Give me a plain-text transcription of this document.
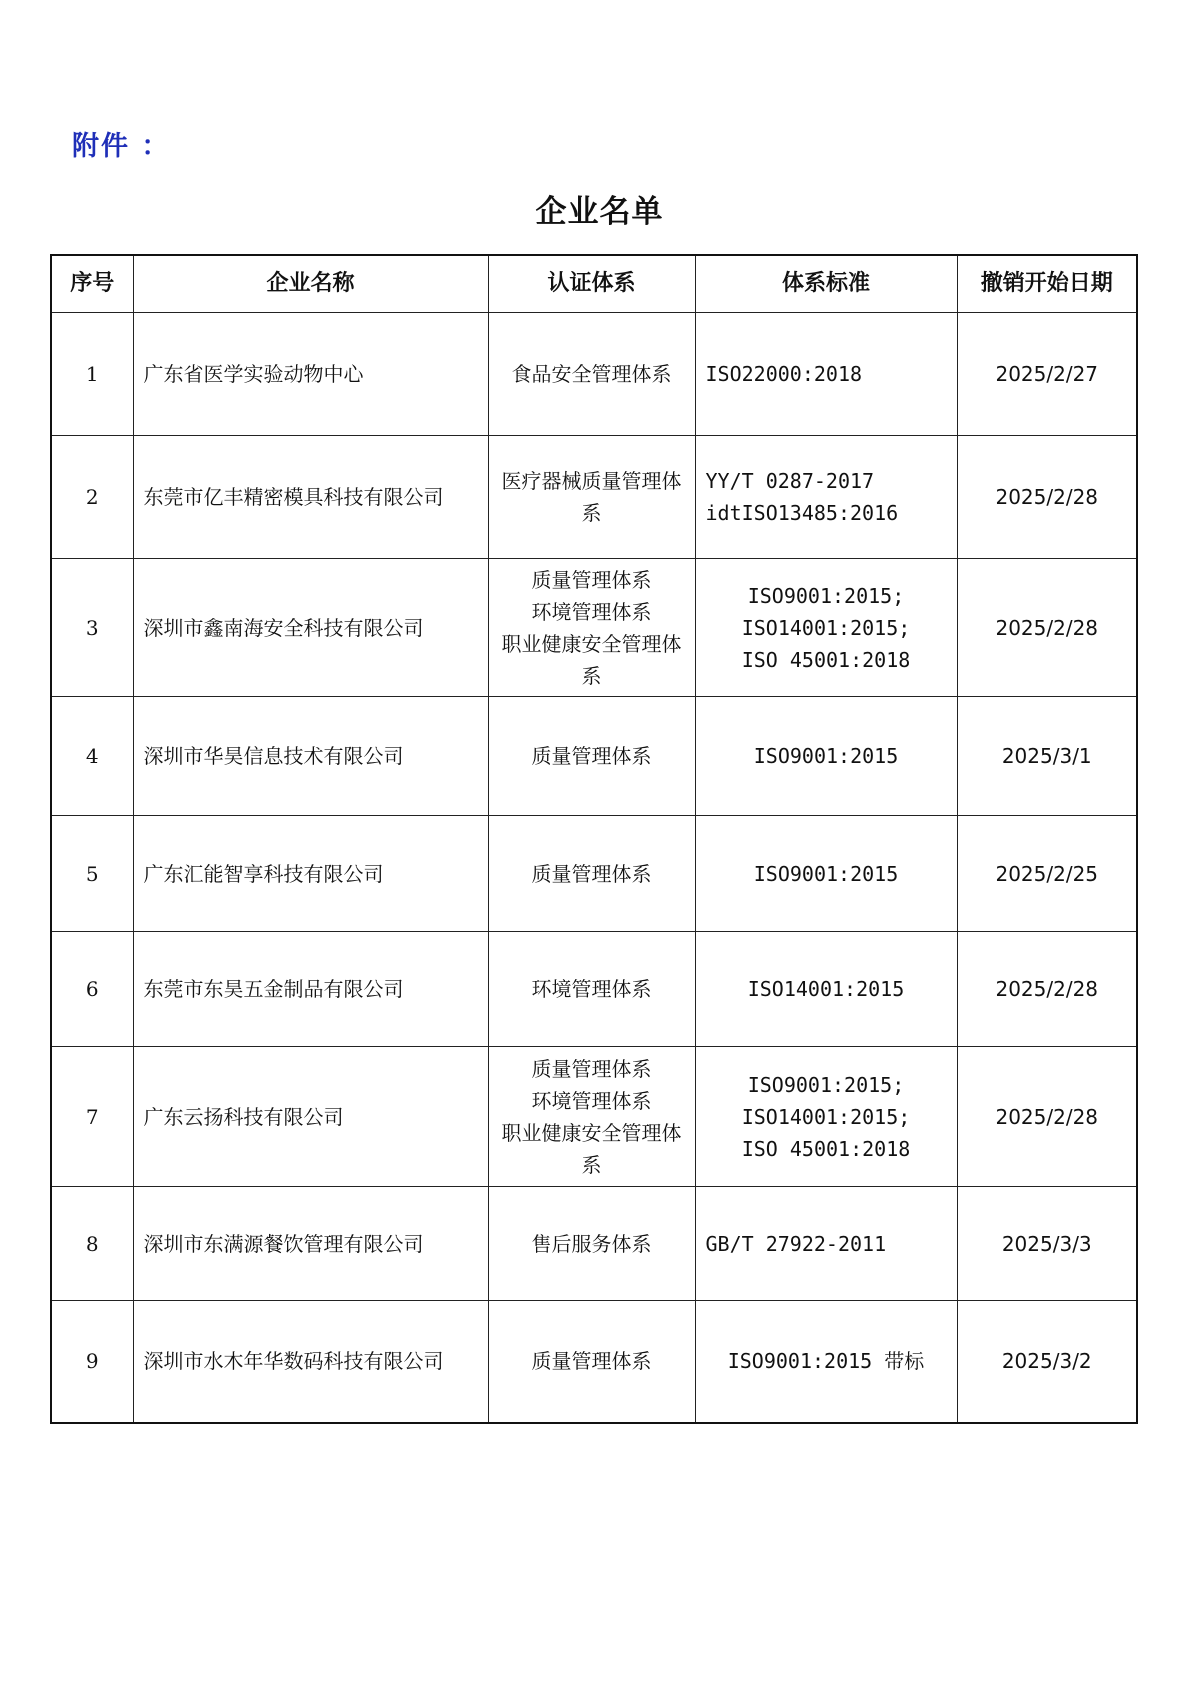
附件 ：
企业名单
序号	企业名称	认证体系	体系标准	撤销开始日期
1	广东省医学实验动物中心	食品安全管理体系	ISO22000:2018	2025/2/27
2	东莞市亿丰精密模具科技有限公司	医疗器械质量管理体系	YY/T 0287-2017
idtISO13485:2016	2025/2/28
3	深圳市鑫南海安全科技有限公司	质量管理体系
环境管理体系
职业健康安全管理体系	ISO9001:2015;
ISO14001:2015;
ISO 45001:2018	2025/2/28
4	深圳市华昊信息技术有限公司	质量管理体系	ISO9001:2015	2025/3/1
5	广东汇能智享科技有限公司	质量管理体系	ISO9001:2015	2025/2/25
6	东莞市东昊五金制品有限公司	环境管理体系	ISO14001:2015	2025/2/28
7	广东云扬科技有限公司	质量管理体系
环境管理体系
职业健康安全管理体系	ISO9001:2015;
ISO14001:2015;
ISO 45001:2018	2025/2/28
8	深圳市东满源餐饮管理有限公司	售后服务体系	GB/T 27922-2011	2025/3/3
9	深圳市水木年华数码科技有限公司	质量管理体系	ISO9001:2015 带标	2025/3/2
